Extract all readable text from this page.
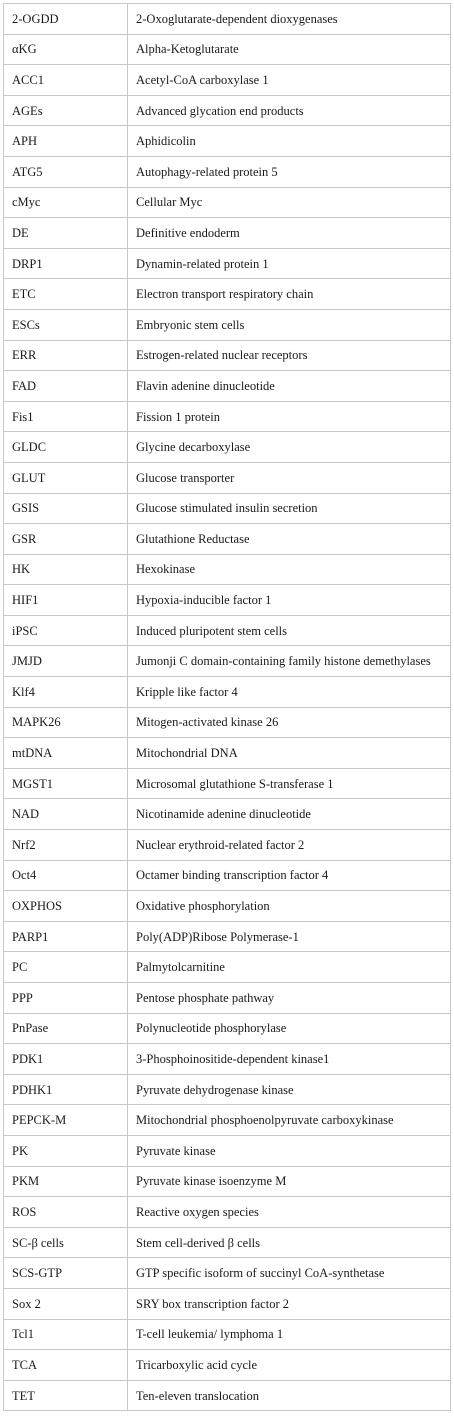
2-OGDD	2-Oxoglutarate-dependent dioxygenases
αKG	Alpha-Ketoglutarate
ACC1	Acetyl-CoA carboxylase 1
AGEs	Advanced glycation end products
APH	Aphidicolin
ATG5	Autophagy-related protein 5
cMyc	Cellular Myc
DE	Definitive endoderm
DRP1	Dynamin-related protein 1
ETC	Electron transport respiratory chain
ESCs	Embryonic stem cells
ERR	Estrogen-related nuclear receptors
FAD	Flavin adenine dinucleotide
Fis1	Fission 1 protein
GLDC	Glycine decarboxylase
GLUT	Glucose transporter
GSIS	Glucose stimulated insulin secretion
GSR	Glutathione Reductase
HK	Hexokinase
HIF1	Hypoxia-inducible factor 1
iPSC	Induced pluripotent stem cells
JMJD	Jumonji C domain-containing family histone demethylases
Klf4	Kripple like factor 4
MAPK26	Mitogen-activated kinase 26
mtDNA	Mitochondrial DNA
MGST1	Microsomal glutathione S-transferase 1
NAD	Nicotinamide adenine dinucleotide
Nrf2	Nuclear erythroid-related factor 2
Oct4	Octamer binding transcription factor 4
OXPHOS	Oxidative phosphorylation
PARP1	Poly(ADP)Ribose Polymerase-1
PC	Palmytolcarnitine
PPP	Pentose phosphate pathway
PnPase	Polynucleotide phosphorylase
PDK1	3-Phosphoinositide-dependent kinase1
PDHK1	Pyruvate dehydrogenase kinase
PEPCK-M	Mitochondrial phosphoenolpyruvate carboxykinase
PK	Pyruvate kinase
PKM	Pyruvate kinase isoenzyme M
ROS	Reactive oxygen species
SC-β cells	Stem cell-derived β cells
SCS-GTP	GTP specific isoform of succinyl CoA-synthetase
Sox 2	SRY box transcription factor 2
Tcl1	T-cell leukemia/ lymphoma 1
TCA	Tricarboxylic acid cycle
TET	Ten-eleven translocation
